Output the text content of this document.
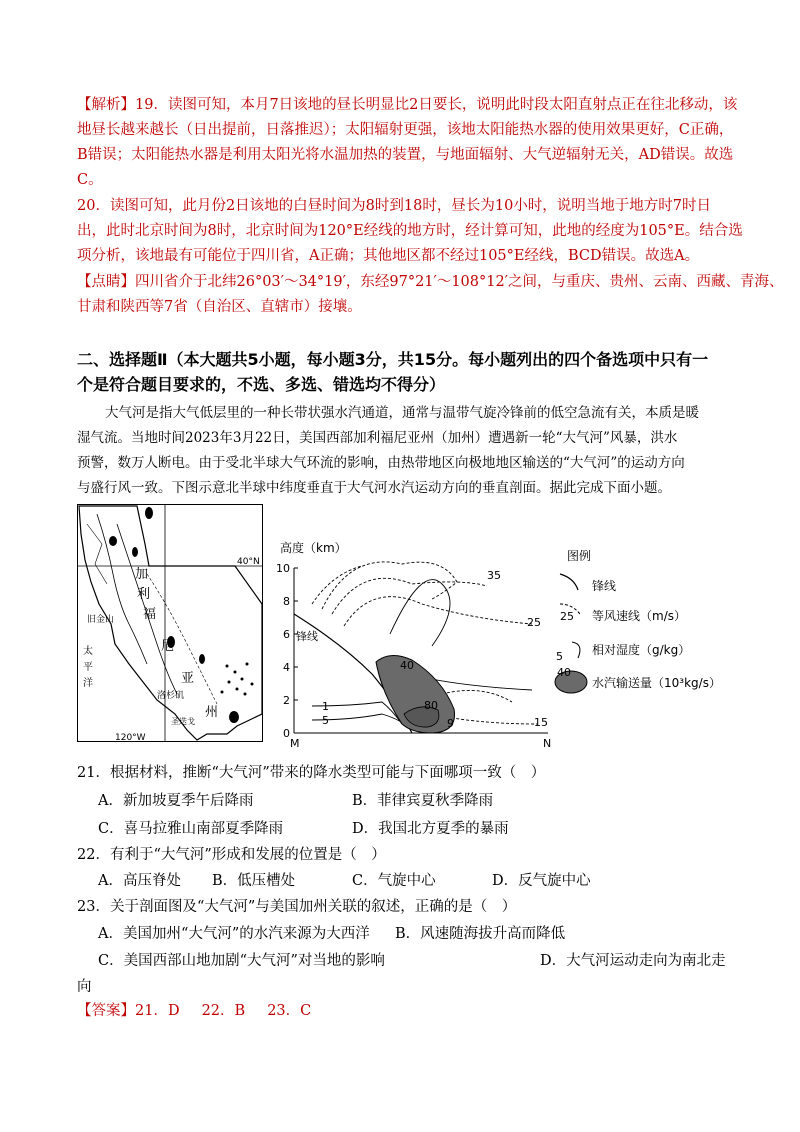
【解析】19．读图可知，本月7日该地的昼长明显比2日要长，说明此时段太阳直射点正在往北移动，该
地昼长越来越长（日出提前，日落推迟）；太阳辐射更强，该地太阳能热水器的使用效果更好，C正确，
B错误；太阳能热水器是利用太阳光将水温加热的装置，与地面辐射、大气逆辐射无关，AD错误。故选
C。
20．读图可知，此月份2日该地的白昼时间为8时到18时，昼长为10小时，说明当地于地方时7时日
出，此时北京时间为8时，北京时间为120°E经线的地方时，经计算可知，此地的经度为105°E。结合选
项分析，该地最有可能位于四川省，A正确；其他地区都不经过105°E经线，BCD错误。故选A。
【点睛】四川省介于北纬26°03′～34°19′，东经97°21′～108°12′之间，与重庆、贵州、云南、西藏、青海、
甘肃和陕西等7省（自治区、直辖市）接壤。
二、选择题Ⅱ（本大题共5小题，每小题3分，共15分。每小题列出的四个备选项中只有一
个是符合题目要求的，不选、多选、错选均不得分）
大气河是指大气低层里的一种长带状强水汽通道，通常与温带气旋冷锋前的低空急流有关，本质是暖
湿气流。当地时间2023年3月22日，美国西部加利福尼亚州（加州）遭遇新一轮“大气河”风暴，洪水
预警，数万人断电。由于受北半球大气环流的影响，由热带地区向极地地区输送的“大气河”的运动方向
与盛行风一致。下图示意北半球中纬度垂直于大气河水汽运动方向的垂直剖面。据此完成下面小题。
40°N
120°W
加
利
福
尼
亚
州
旧金山
洛杉矶
圣迭戈
太
平
洋
高度（km）
0
2
4
6
8
10
M	N
锋线
35
25
15
1
5
40
80
9
图例
锋线
25 等风速线（m/s）
5 相对湿度（g/kg）
40
水汽输送量（10³kg/s）
21．根据材料，推断“大气河”带来的降水类型可能与下面哪项一致（　）
A．新加坡夏季午后降雨	B．菲律宾夏秋季降雨
C．喜马拉雅山南部夏季降雨	D．我国北方夏季的暴雨
22．有利于“大气河”形成和发展的位置是（　）
A．高压脊处 B．低压槽处	C．气旋中心	D．反气旋中心
23．关于剖面图及“大气河”与美国加州关联的叙述，正确的是（　）
A．美国加州“大气河”的水汽来源为大西洋 B．风速随海拔升高而降低
C．美国西部山地加剧“大气河”对当地的影响	D．大气河运动走向为南北走
向
【答案】21．D 22．B 23．C
